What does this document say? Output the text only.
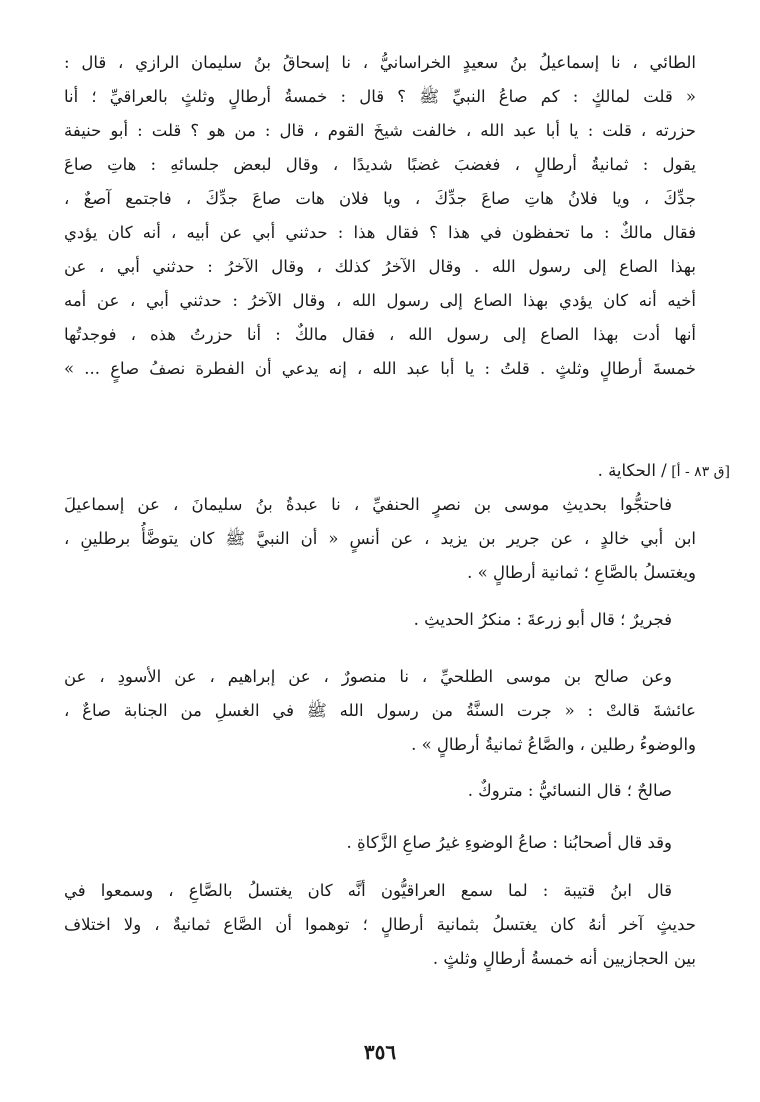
الطائي ، نا إسماعيلُ بنُ سعيدٍ الخراسانيُّ ، نا إسحاقُ بنُ سليمان الرازي ، قال :
« قلت لمالكٍ : كم صاعُ النبيِّ ﷺ ؟ قال : خمسةُ أرطالٍ وثلثٍ بالعراقيِّ ؛ أنا
حزرته ، قلت : يا أبا عبد الله ، خالفت شيخَ القوم ، قال : من هو ؟ قلت : أبو حنيفة
يقول : ثمانيةُ أرطالٍ ، فغضبَ غضبًا شديدًا ، وقال لبعض جلسائهِ : هاتِ صاعَ
جدِّكَ ، ويا فلانُ هاتِ صاعَ جدِّكَ ، ويا فلان هات صاعَ جدِّكَ ، فاجتمع آصعٌ ،
فقال مالكٌ : ما تحفظون في هذا ؟ فقال هذا : حدثني أبي عن أبيه ، أنه كان يؤدي
بهذا الصاع إلى رسول الله . وقال الآخرُ كذلك ، وقال الآخرُ : حدثني أبي ، عن
أخيه أنه كان يؤدي بهذا الصاع إلى رسول الله ، وقال الآخرُ : حدثني أبي ، عن أمه
أنها أدت بهذا الصاع إلى رسول الله ، فقال مالكٌ : أنا حزرتُ هذه ، فوجدتُها
خمسةَ أرطالٍ وثلثٍ . قلتُ : يا أبا عبد الله ، إنه يدعي أن الفطرة نصفُ صاعٍ ... »
[ق ٨٣ - أ] / الحكاية .
فاحتجُّوا بحديثِ موسى بن نصرٍ الحنفيِّ ، نا عبدةُ بنُ سليمانَ ، عن إسماعيلَ
ابن أبي خالدٍ ، عن جرير بن يزيد ، عن أنسٍ « أن النبيَّ ﷺ كان يتوضَّأُ برطلينِ ،
ويغتسلُ بالصَّاعِ ؛ ثمانية أرطالٍ » .
فجريرٌ ؛ قال أبو زرعةَ : منكرُ الحديثِ .
وعن صالح بن موسى الطلحيِّ ، نا منصورٌ ، عن إبراهيم ، عن الأسودِ ، عن
عائشةَ قالتْ : « جرت السنَّةُ من رسول الله ﷺ في الغسلِ من الجنابة صاعٌ ،
والوضوءُ رطلين ، والصَّاعُ ثمانيةُ أرطالٍ » .
صالحٌ ؛ قال النسائيُّ : متروكٌ .
وقد قال أصحابُنا : صاعُ الوضوءِ غيرُ صاعِ الزَّكاةِ .
قال ابنُ قتيبة : لما سمع العراقيُّون أنَّه كان يغتسلُ بالصَّاعِ ، وسمعوا في
حديثٍ آخر أنهُ كان يغتسلُ بثمانية أرطالٍ ؛ توهموا أن الصَّاع ثمانيةٌ ، ولا اختلاف
بين الحجازيين أنه خمسةُ أرطالٍ وثلثٍ .
٣٥٦
